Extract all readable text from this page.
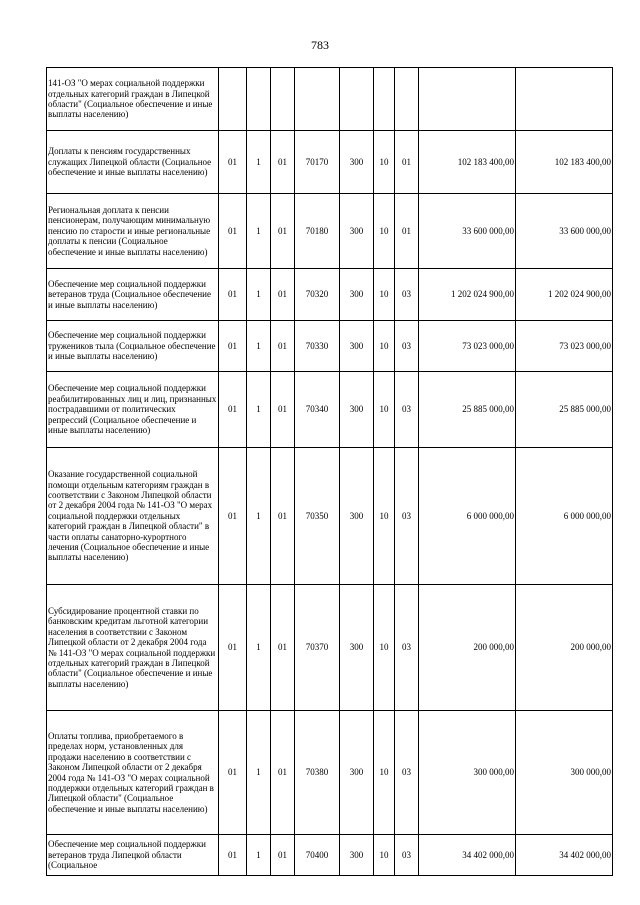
783
141-ОЗ "О мерах социальной поддержки отдельных категорий граждан в Липецкой области" (Социальное обеспечение и иные выплаты населению)									
Доплаты к пенсиям государственных служащих Липецкой области (Социальное обеспечение и иные выплаты населению)	01	1	01	70170	300	10	01	102 183 400,00	102 183 400,00
Региональная доплата к пенсии пенсионерам, получающим минимальную пенсию по старости и иные региональные доплаты к пенсии (Социальное обеспечение и иные выплаты населению)	01	1	01	70180	300	10	01	33 600 000,00	33 600 000,00
Обеспечение мер социальной поддержки ветеранов труда (Социальное обеспечение и иные выплаты населению)	01	1	01	70320	300	10	03	1 202 024 900,00	1 202 024 900,00
Обеспечение мер социальной поддержки тружеников тыла (Социальное обеспечение и иные выплаты населению)	01	1	01	70330	300	10	03	73 023 000,00	73 023 000,00
Обеспечение мер социальной поддержки реабилитированных лиц и лиц, признанных пострадавшими от политических репрессий (Социальное обеспечение и иные выплаты населению)	01	1	01	70340	300	10	03	25 885 000,00	25 885 000,00
Оказание государственной социальной помощи отдельным категориям граждан в соответствии с Законом Липецкой области от 2 декабря 2004 года № 141-ОЗ "О мерах социальной поддержки отдельных категорий граждан в Липецкой области" в части оплаты санаторно-курортного лечения (Социальное обеспечение и иные выплаты населению)	01	1	01	70350	300	10	03	6 000 000,00	6 000 000,00
Субсидирование процентной ставки по банковским кредитам льготной категории населения в соответствии с Законом Липецкой области от 2 декабря 2004 года № 141-ОЗ "О мерах социальной поддержки отдельных категорий граждан в Липецкой области" (Социальное обеспечение и иные выплаты населению)	01	1	01	70370	300	10	03	200 000,00	200 000,00
Оплаты топлива, приобретаемого в пределах норм, установленных для продажи населению в соответствии с Законом Липецкой области от 2 декабря 2004 года № 141-ОЗ "О мерах социальной поддержки отдельных категорий граждан в Липецкой области" (Социальное обеспечение и иные выплаты населению)	01	1	01	70380	300	10	03	300 000,00	300 000,00
Обеспечение мер социальной поддержки ветеранов труда Липецкой области (Социальное	01	1	01	70400	300	10	03	34 402 000,00	34 402 000,00
